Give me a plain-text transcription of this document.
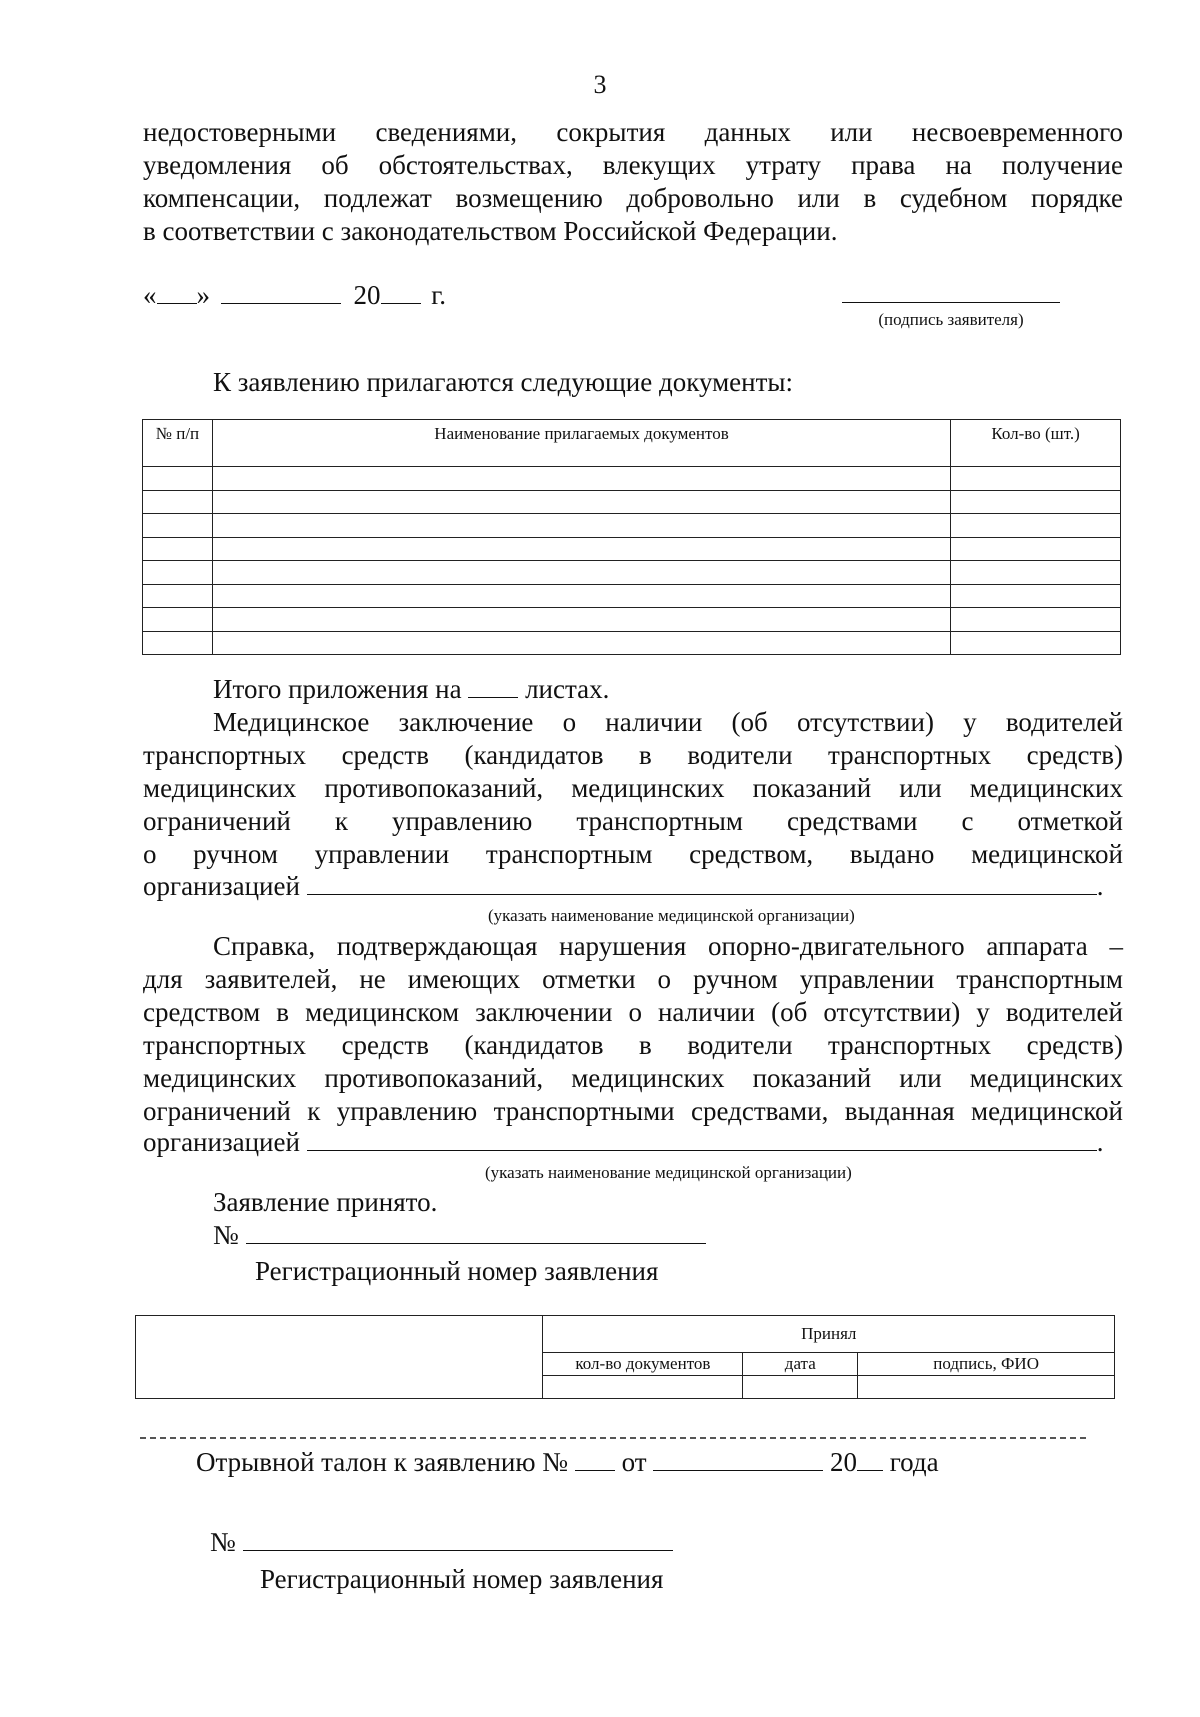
3
недостоверными сведениями, сокрытия данных или несвоевременного
уведомления об обстоятельствах, влекущих утрату права на получение
компенсации, подлежат возмещению добровольно или в судебном порядке
в соответствии с законодательством Российской Федерации.
« »	20 г.
(подпись заявителя)
К заявлению прилагаются следующие документы:
№ п/п	Наименование прилагаемых документов	Кол-во (шт.)

Итого приложения на листах.
Медицинское заключение о наличии (об отсутствии) у водителей
транспортных средств (кандидатов в водители транспортных средств)
медицинских противопоказаний, медицинских показаний или медицинских
ограничений к управлению транспортным средствами с отметкой
о ручном управлении транспортным средством, выдано медицинской
организацией	.
(указать наименование медицинской организации)
Справка, подтверждающая нарушения опорно-двигательного аппарата –
для заявителей, не имеющих отметки о ручном управлении транспортным
средством в медицинском заключении о наличии (об отсутствии) у водителей
транспортных средств (кандидатов в водители транспортных средств)
медицинских противопоказаний, медицинских показаний или медицинских
ограничений к управлению транспортными средствами, выданная медицинской
организацией	.
(указать наименование медицинской организации)
Заявление принято.
№
Регистрационный номер заявления
	Принял		
	кол-во документов	дата	подпись, ФИО

Отрывной талон к заявлению № от	20 года
№
Регистрационный номер заявления
